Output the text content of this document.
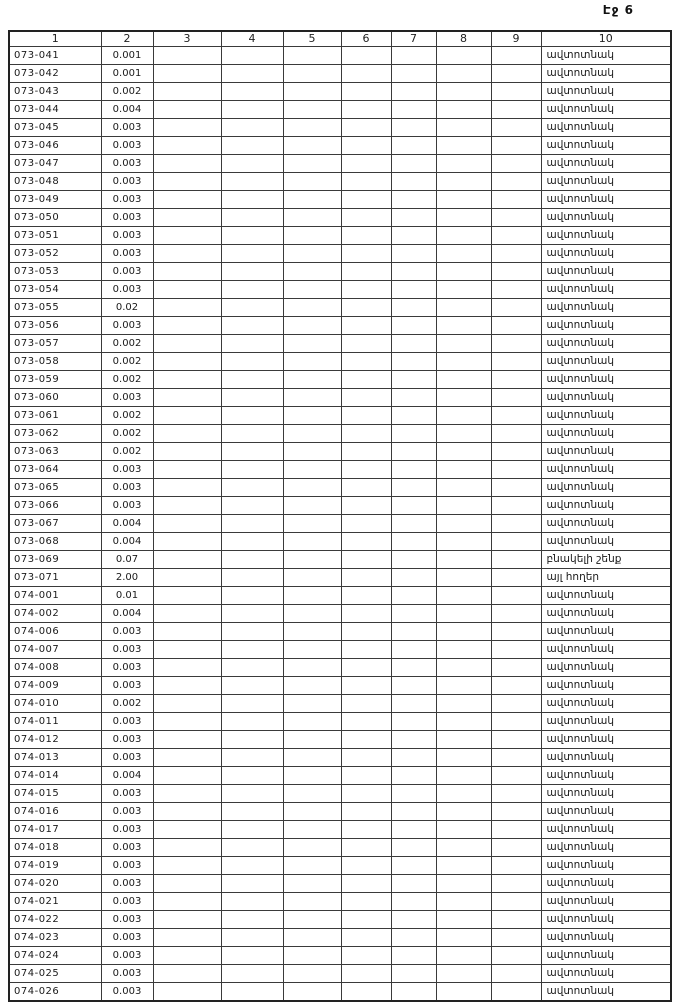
Էջ 6
1	2	3	4	5	6	7	8	9	10
073-041	0.001								ավտոտնակ
073-042	0.001								ավտոտնակ
073-043	0.002								ավտոտնակ
073-044	0.004								ավտոտնակ
073-045	0.003								ավտոտնակ
073-046	0.003								ավտոտնակ
073-047	0.003								ավտոտնակ
073-048	0.003								ավտոտնակ
073-049	0.003								ավտոտնակ
073-050	0.003								ավտոտնակ
073-051	0.003								ավտոտնակ
073-052	0.003								ավտոտնակ
073-053	0.003								ավտոտնակ
073-054	0.003								ավտոտնակ
073-055	0.02								ավտոտնակ
073-056	0.003								ավտոտնակ
073-057	0.002								ավտոտնակ
073-058	0.002								ավտոտնակ
073-059	0.002								ավտոտնակ
073-060	0.003								ավտոտնակ
073-061	0.002								ավտոտնակ
073-062	0.002								ավտոտնակ
073-063	0.002								ավտոտնակ
073-064	0.003								ավտոտնակ
073-065	0.003								ավտոտնակ
073-066	0.003								ավտոտնակ
073-067	0.004								ավտոտնակ
073-068	0.004								ավտոտնակ
073-069	0.07								բնակելի շենք
073-071	2.00								այլ հողեր
074-001	0.01								ավտոտնակ
074-002	0.004								ավտոտնակ
074-006	0.003								ավտոտնակ
074-007	0.003								ավտոտնակ
074-008	0.003								ավտոտնակ
074-009	0.003								ավտոտնակ
074-010	0.002								ավտոտնակ
074-011	0.003								ավտոտնակ
074-012	0.003								ավտոտնակ
074-013	0.003								ավտոտնակ
074-014	0.004								ավտոտնակ
074-015	0.003								ավտոտնակ
074-016	0.003								ավտոտնակ
074-017	0.003								ավտոտնակ
074-018	0.003								ավտոտնակ
074-019	0.003								ավտոտնակ
074-020	0.003								ավտոտնակ
074-021	0.003								ավտոտնակ
074-022	0.003								ավտոտնակ
074-023	0.003								ավտոտնակ
074-024	0.003								ավտոտնակ
074-025	0.003								ավտոտնակ
074-026	0.003								ավտոտնակ
